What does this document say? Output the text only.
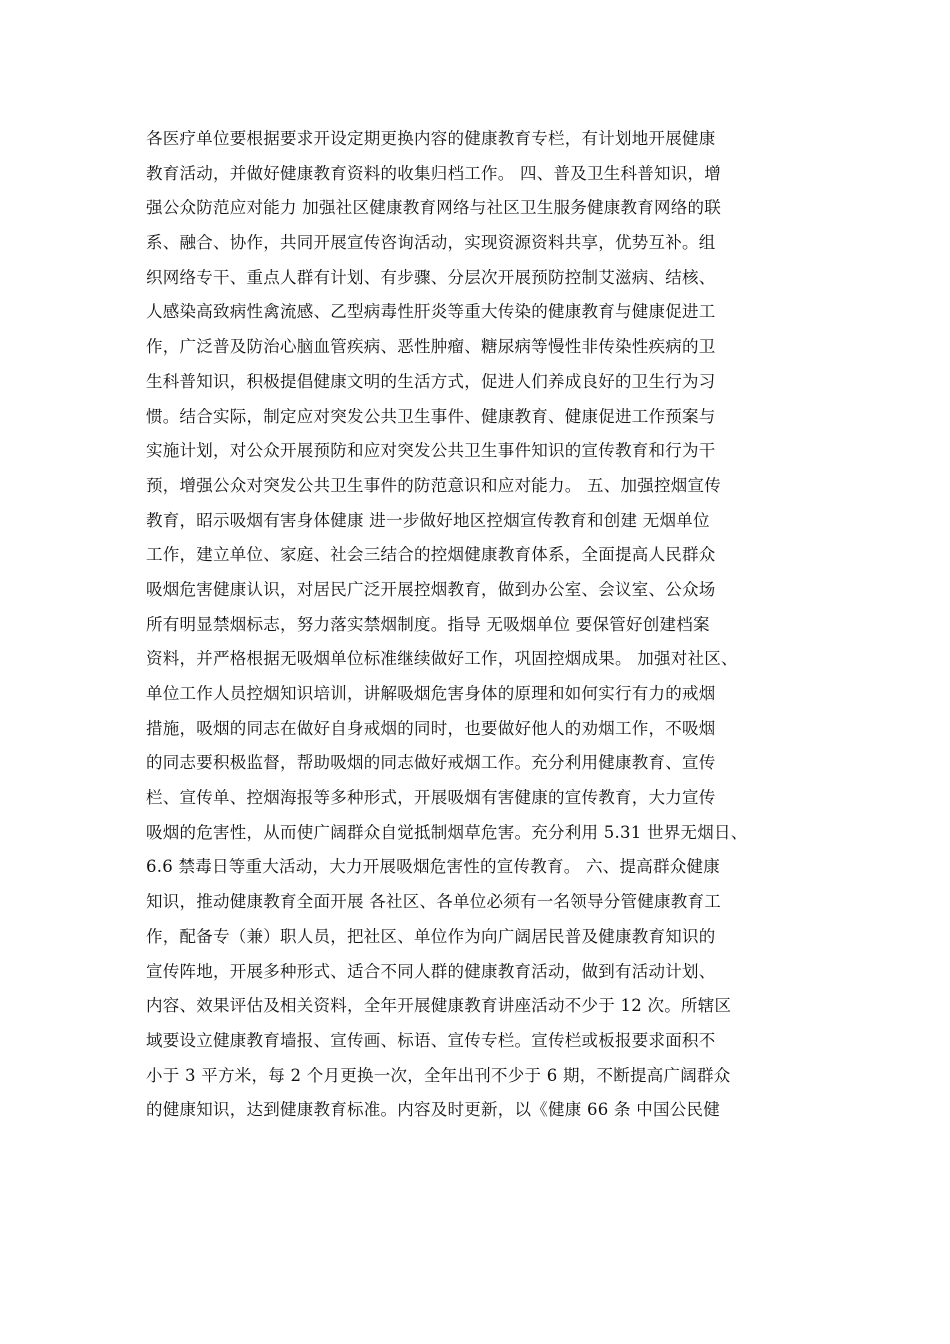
各医疗单位要根据要求开设定期更换内容的健康教育专栏，有计划地开展健康
教育活动，并做好健康教育资料的收集归档工作。 四、普及卫生科普知识，增
强公众防范应对能力 加强社区健康教育网络与社区卫生服务健康教育网络的联
系、融合、协作，共同开展宣传咨询活动，实现资源资料共享，优势互补。组
织网络专干、重点人群有计划、有步骤、分层次开展预防控制艾滋病、结核、
人感染高致病性禽流感、乙型病毒性肝炎等重大传染的健康教育与健康促进工
作，广泛普及防治心脑血管疾病、恶性肿瘤、糖尿病等慢性非传染性疾病的卫
生科普知识，积极提倡健康文明的生活方式，促进人们养成良好的卫生行为习
惯。结合实际，制定应对突发公共卫生事件、健康教育、健康促进工作预案与
实施计划，对公众开展预防和应对突发公共卫生事件知识的宣传教育和行为干
预，增强公众对突发公共卫生事件的防范意识和应对能力。 五、加强控烟宣传
教育，昭示吸烟有害身体健康 进一步做好地区控烟宣传教育和创建 无烟单位
工作，建立单位、家庭、社会三结合的控烟健康教育体系，全面提高人民群众
吸烟危害健康认识，对居民广泛开展控烟教育，做到办公室、会议室、公众场
所有明显禁烟标志，努力落实禁烟制度。指导 无吸烟单位 要保管好创建档案
资料，并严格根据无吸烟单位标准继续做好工作，巩固控烟成果。 加强对社区、
单位工作人员控烟知识培训，讲解吸烟危害身体的原理和如何实行有力的戒烟
措施，吸烟的同志在做好自身戒烟的同时，也要做好他人的劝烟工作，不吸烟
的同志要积极监督，帮助吸烟的同志做好戒烟工作。充分利用健康教育、宣传
栏、宣传单、控烟海报等多种形式，开展吸烟有害健康的宣传教育，大力宣传
吸烟的危害性，从而使广阔群众自觉抵制烟草危害。充分利用 5.31 世界无烟日、
6.6 禁毒日等重大活动，大力开展吸烟危害性的宣传教育。 六、提高群众健康
知识，推动健康教育全面开展 各社区、各单位必须有一名领导分管健康教育工
作，配备专（兼）职人员，把社区、单位作为向广阔居民普及健康教育知识的
宣传阵地，开展多种形式、适合不同人群的健康教育活动，做到有活动计划、
内容、效果评估及相关资料，全年开展健康教育讲座活动不少于 12 次。所辖区
域要设立健康教育墙报、宣传画、标语、宣传专栏。宣传栏或板报要求面积不
小于 3 平方米，每 2 个月更换一次，全年出刊不少于 6 期，不断提高广阔群众
的健康知识，达到健康教育标准。内容及时更新，以《健康 66 条 中国公民健
